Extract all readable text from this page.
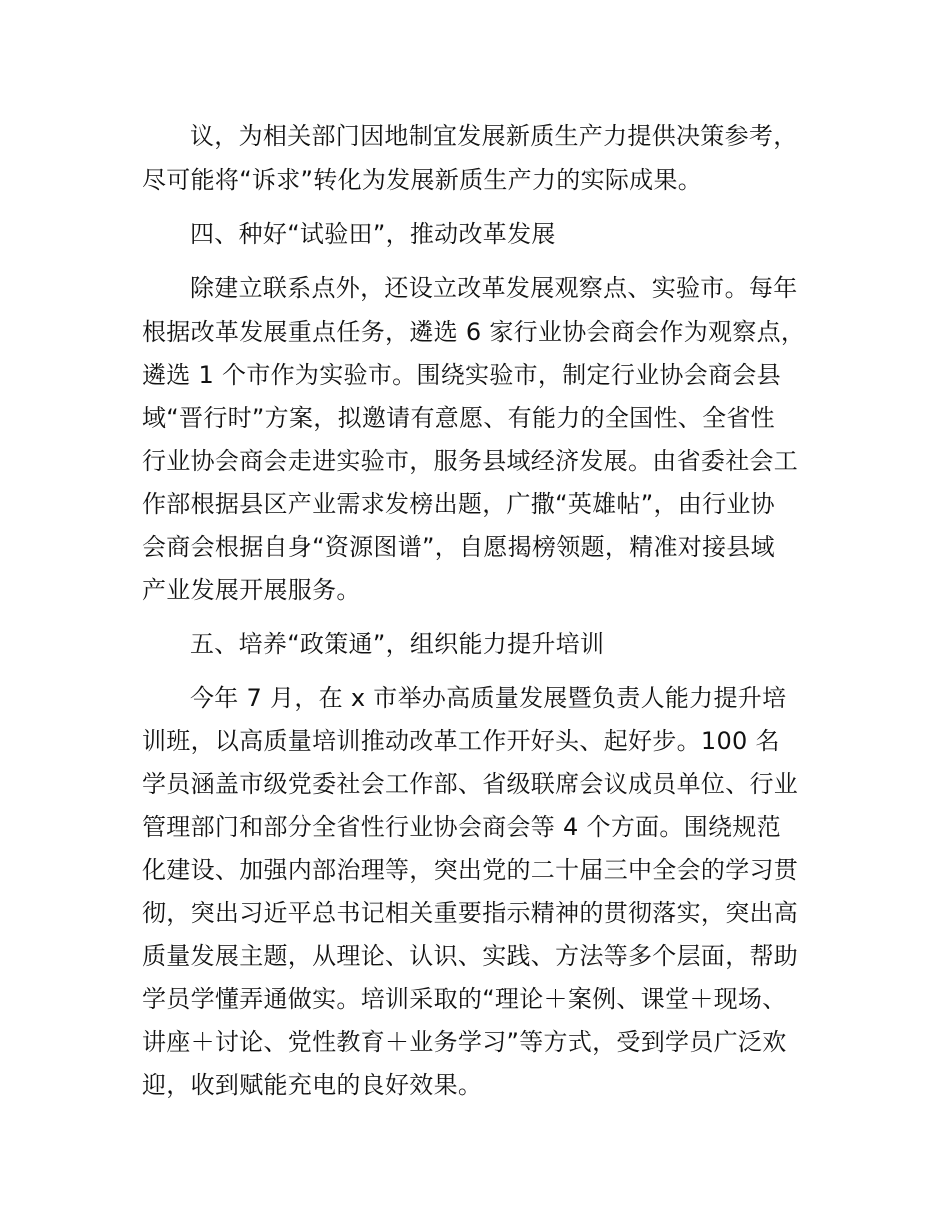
议，为相关部门因地制宜发展新质生产力提供决策参考，
尽可能将“诉求”转化为发展新质生产力的实际成果。
四、种好“试验田”，推动改革发展
除建立联系点外，还设立改革发展观察点、实验市。每年
根据改革发展重点任务，遴选 6 家行业协会商会作为观察点，
遴选 1 个市作为实验市。围绕实验市，制定行业协会商会县
域“晋行时”方案，拟邀请有意愿、有能力的全国性、全省性
行业协会商会走进实验市，服务县域经济发展。由省委社会工
作部根据县区产业需求发榜出题，广撒“英雄帖”，由行业协
会商会根据自身“资源图谱”，自愿揭榜领题，精准对接县域
产业发展开展服务。
五、培养“政策通”，组织能力提升培训
今年 7 月，在 x 市举办高质量发展暨负责人能力提升培
训班，以高质量培训推动改革工作开好头、起好步。100 名
学员涵盖市级党委社会工作部、省级联席会议成员单位、行业
管理部门和部分全省性行业协会商会等 4 个方面。围绕规范
化建设、加强内部治理等，突出党的二十届三中全会的学习贯
彻，突出习近平总书记相关重要指示精神的贯彻落实，突出高
质量发展主题，从理论、认识、实践、方法等多个层面，帮助
学员学懂弄通做实。培训采取的“理论＋案例、课堂＋现场、
讲座＋讨论、党性教育＋业务学习”等方式，受到学员广泛欢
迎，收到赋能充电的良好效果。
